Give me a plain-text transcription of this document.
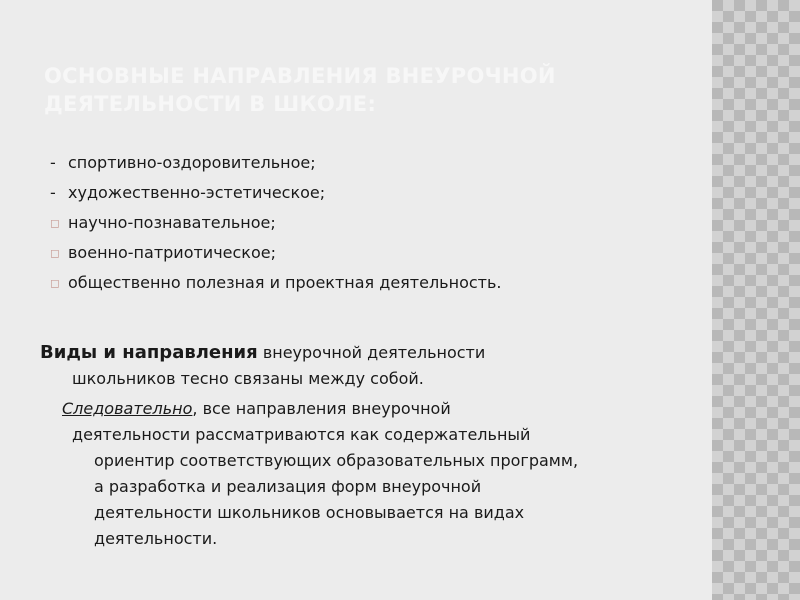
ОСНОВНЫЕ НАПРАВЛЕНИЯ ВНЕУРОЧНОЙ ДЕЯТЕЛЬНОСТИ В ШКОЛЕ:
- спортивно-оздоровительное;
- художественно-эстетическое;
◻ научно-познавательное;
◻ военно-патриотическое;
◻ общественно полезная и проектная деятельность.
Виды и направления внеурочной деятельности
школьников тесно связаны между собой.
Следовательно, все направления внеурочной
деятельности рассматриваются как содержательный
ориентир соответствующих образовательных программ,
а разработка и реализация форм внеурочной
деятельности школьников основывается на видах
деятельности.
